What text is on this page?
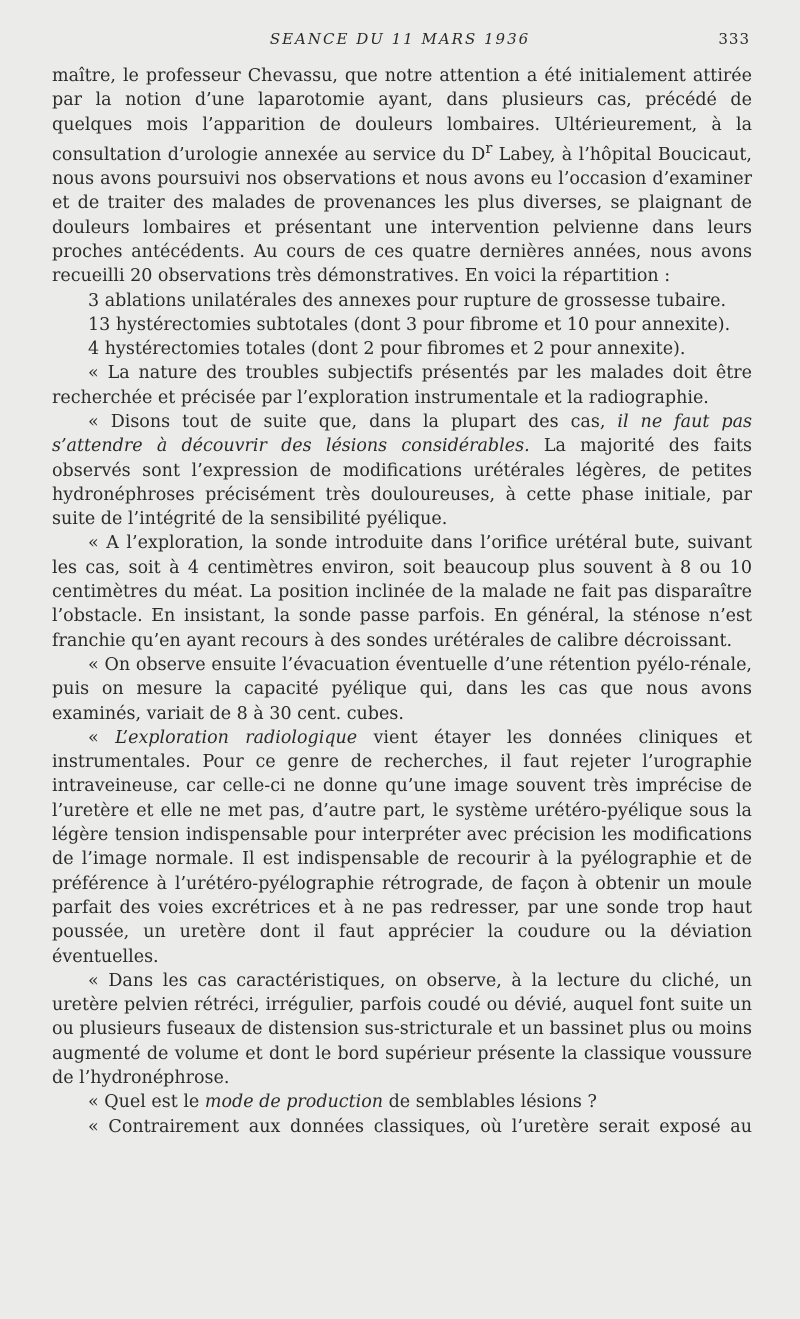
SEANCE DU 11 MARS 1936	333

maître, le professeur Chevassu, que notre attention a été initialement attirée par la notion d’une laparotomie ayant, dans plusieurs cas, précédé de quelques mois l’apparition de douleurs lombaires. Ultérieurement, à la consultation d’urologie annexée au service du $D^r$ Labey, à l’hôpital Boucicaut, nous avons poursuivi nos observations et nous avons eu l’occasion d’examiner et de traiter des malades de provenances les plus diverses, se plaignant de douleurs lombaires et présentant une intervention pelvienne dans leurs proches antécédents. Au cours de ces quatre dernières années, nous avons recueilli 20 observations très démonstratives. En voici la répartition :

3 ablations unilatérales des annexes pour rupture de grossesse tubaire.

13 hystérectomies subtotales (dont 3 pour fibrome et 10 pour annexite).

4 hystérectomies totales (dont 2 pour fibromes et 2 pour annexite).

« La nature des troubles subjectifs présentés par les malades doit être recherchée et précisée par l’exploration instrumentale et la radiographie.

« Disons tout de suite que, dans la plupart des cas, il ne faut pas s’attendre à découvrir des lésions considérables. La majorité des faits observés sont l’expression de modifications urétérales légères, de petites hydronéphroses précisément très douloureuses, à cette phase initiale, par suite de l’intégrité de la sensibilité pyélique.

« A l’exploration, la sonde introduite dans l’orifice urétéral bute, suivant les cas, soit à 4 centimètres environ, soit beaucoup plus souvent à 8 ou 10 centimètres du méat. La position inclinée de la malade ne fait pas disparaître l’obstacle. En insistant, la sonde passe parfois. En général, la sténose n’est franchie qu’en ayant recours à des sondes urétérales de calibre décroissant.

« On observe ensuite l’évacuation éventuelle d’une rétention pyélo-rénale, puis on mesure la capacité pyélique qui, dans les cas que nous avons examinés, variait de 8 à 30 cent. cubes.

« L’exploration radiologique vient étayer les données cliniques et instrumentales. Pour ce genre de recherches, il faut rejeter l’urographie intraveineuse, car celle-ci ne donne qu’une image souvent très imprécise de l’uretère et elle ne met pas, d’autre part, le système urétéro-pyélique sous la légère tension indispensable pour interpréter avec précision les modifications de l’image normale. Il est indispensable de recourir à la pyélographie et de préférence à l’urétéro-pyélographie rétrograde, de façon à obtenir un moule parfait des voies excrétrices et à ne pas redresser, par une sonde trop haut poussée, un uretère dont il faut apprécier la coudure ou la déviation éventuelles.

« Dans les cas caractéristiques, on observe, à la lecture du cliché, un uretère pelvien rétréci, irrégulier, parfois coudé ou dévié, auquel font suite un ou plusieurs fuseaux de distension sus-stricturale et un bassinet plus ou moins augmenté de volume et dont le bord supérieur présente la classique voussure de l’hydronéphrose.

« Quel est le mode de production de semblables lésions ?

« Contrairement aux données classiques, où l’uretère serait exposé au
